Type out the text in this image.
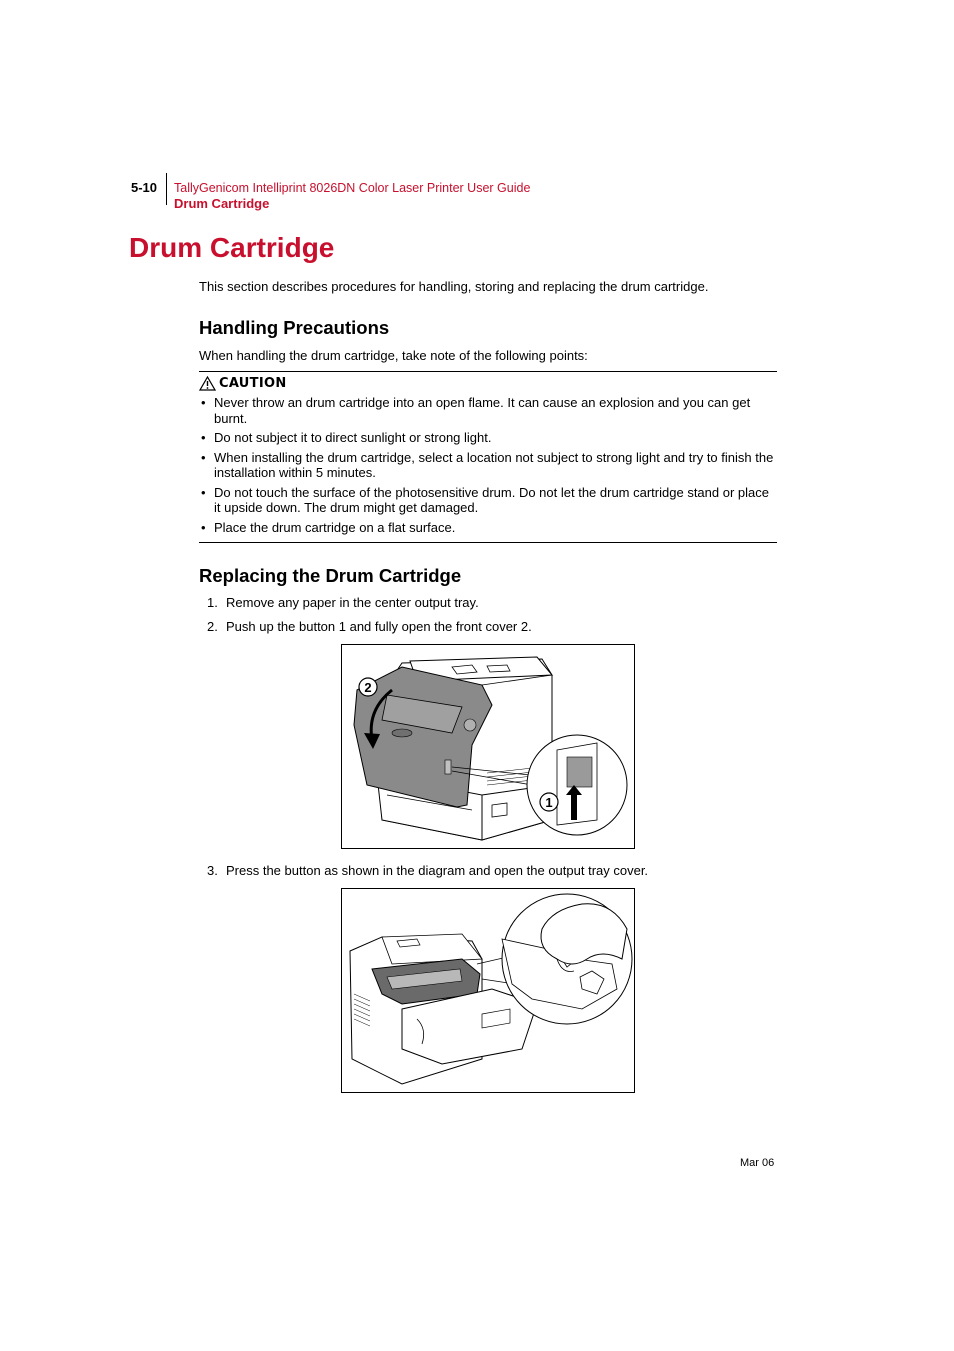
5-10 TallyGenicom Intelliprint 8026DN Color Laser Printer User Guide
Drum Cartridge
Drum Cartridge
This section describes procedures for handling, storing and replacing the drum cartridge.
Handling Precautions
When handling the drum cartridge, take note of the following points:
CAUTION
• Never throw an drum cartridge into an open flame. It can cause an explosion and you can get burnt.
• Do not subject it to direct sunlight or strong light.
• When installing the drum cartridge, select a location not subject to strong light and try to finish the installation within 5 minutes.
• Do not touch the surface of the photosensitive drum. Do not let the drum cartridge stand or place it upside down. The drum might get damaged.
• Place the drum cartridge on a flat surface.
Replacing the Drum Cartridge
1. Remove any paper in the center output tray.
2. Push up the button 1 and fully open the front cover 2.
2
1
3. Press the button as shown in the diagram and open the output tray cover.
Mar 06
